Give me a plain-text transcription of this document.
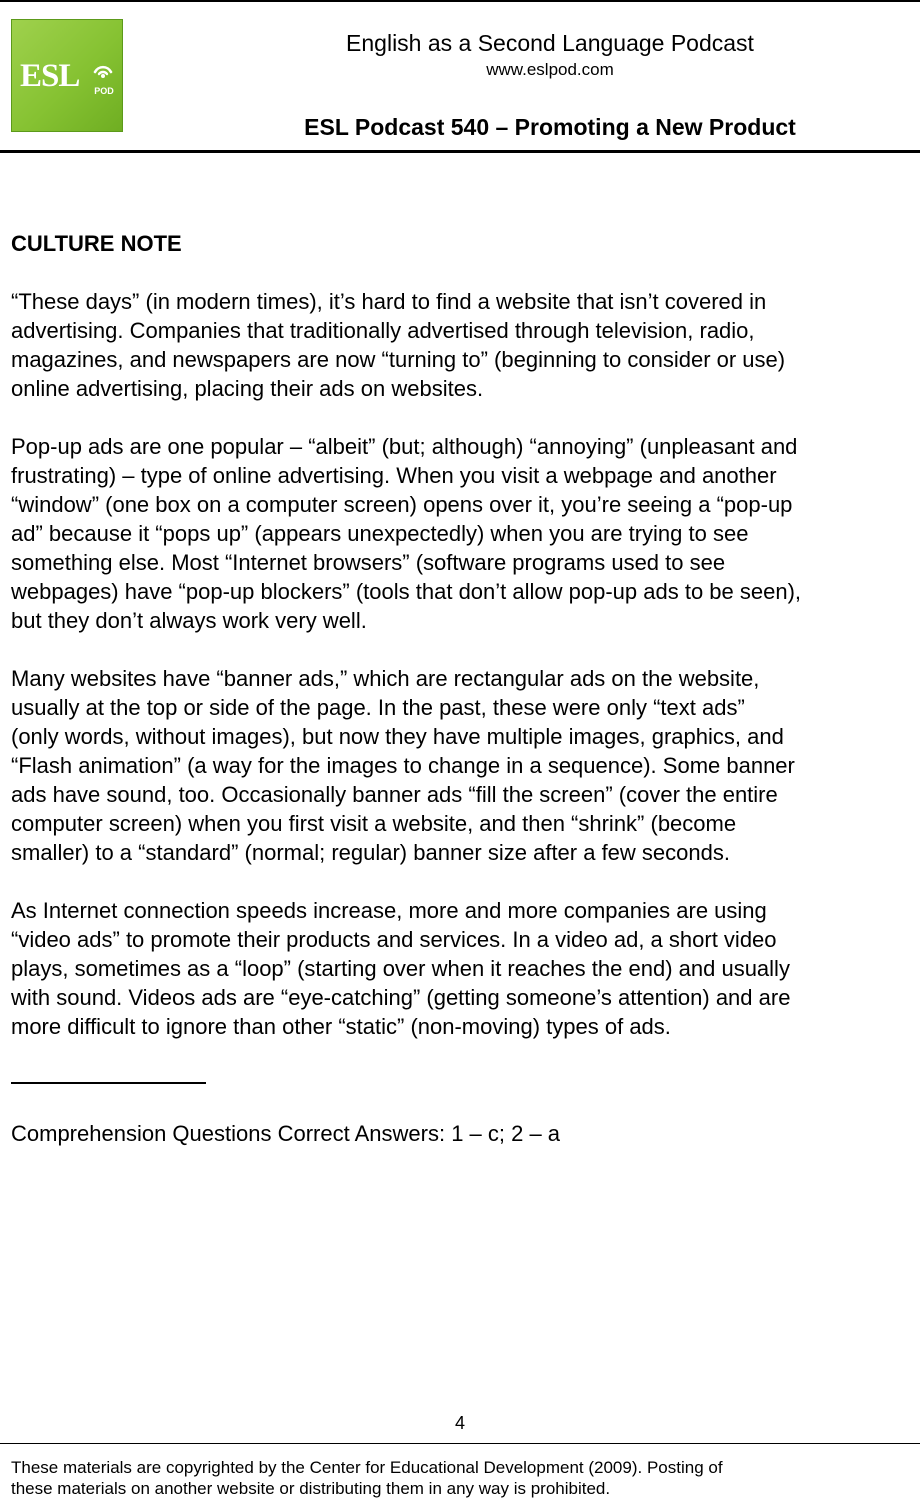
ESL	POD
English as a Second Language Podcast
www.eslpod.com
ESL Podcast 540 – Promoting a New Product
CULTURE NOTE

“These days” (in modern times), it’s hard to find a website that isn’t covered in
advertising. Companies that traditionally advertised through television, radio,
magazines, and newspapers are now “turning to” (beginning to consider or use)
online advertising, placing their ads on websites.

Pop-up ads are one popular – “albeit” (but; although) “annoying” (unpleasant and
frustrating) – type of online advertising. When you visit a webpage and another
“window” (one box on a computer screen) opens over it, you’re seeing a “pop-up
ad” because it “pops up” (appears unexpectedly) when you are trying to see
something else. Most “Internet browsers” (software programs used to see
webpages) have “pop-up blockers” (tools that don’t allow pop-up ads to be seen),
but they don’t always work very well.

Many websites have “banner ads,” which are rectangular ads on the website,
usually at the top or side of the page. In the past, these were only “text ads”
(only words, without images), but now they have multiple images, graphics, and
“Flash animation” (a way for the images to change in a sequence). Some banner
ads have sound, too. Occasionally banner ads “fill the screen” (cover the entire
computer screen) when you first visit a website, and then “shrink” (become
smaller) to a “standard” (normal; regular) banner size after a few seconds.

As Internet connection speeds increase, more and more companies are using
“video ads” to promote their products and services. In a video ad, a short video
plays, sometimes as a “loop” (starting over when it reaches the end) and usually
with sound. Videos ads are “eye-catching” (getting someone’s attention) and are
more difficult to ignore than other “static” (non-moving) types of ads.

Comprehension Questions Correct Answers: 1 – c; 2 – a
4
These materials are copyrighted by the Center for Educational Development (2009). Posting of
these materials on another website or distributing them in any way is prohibited.
